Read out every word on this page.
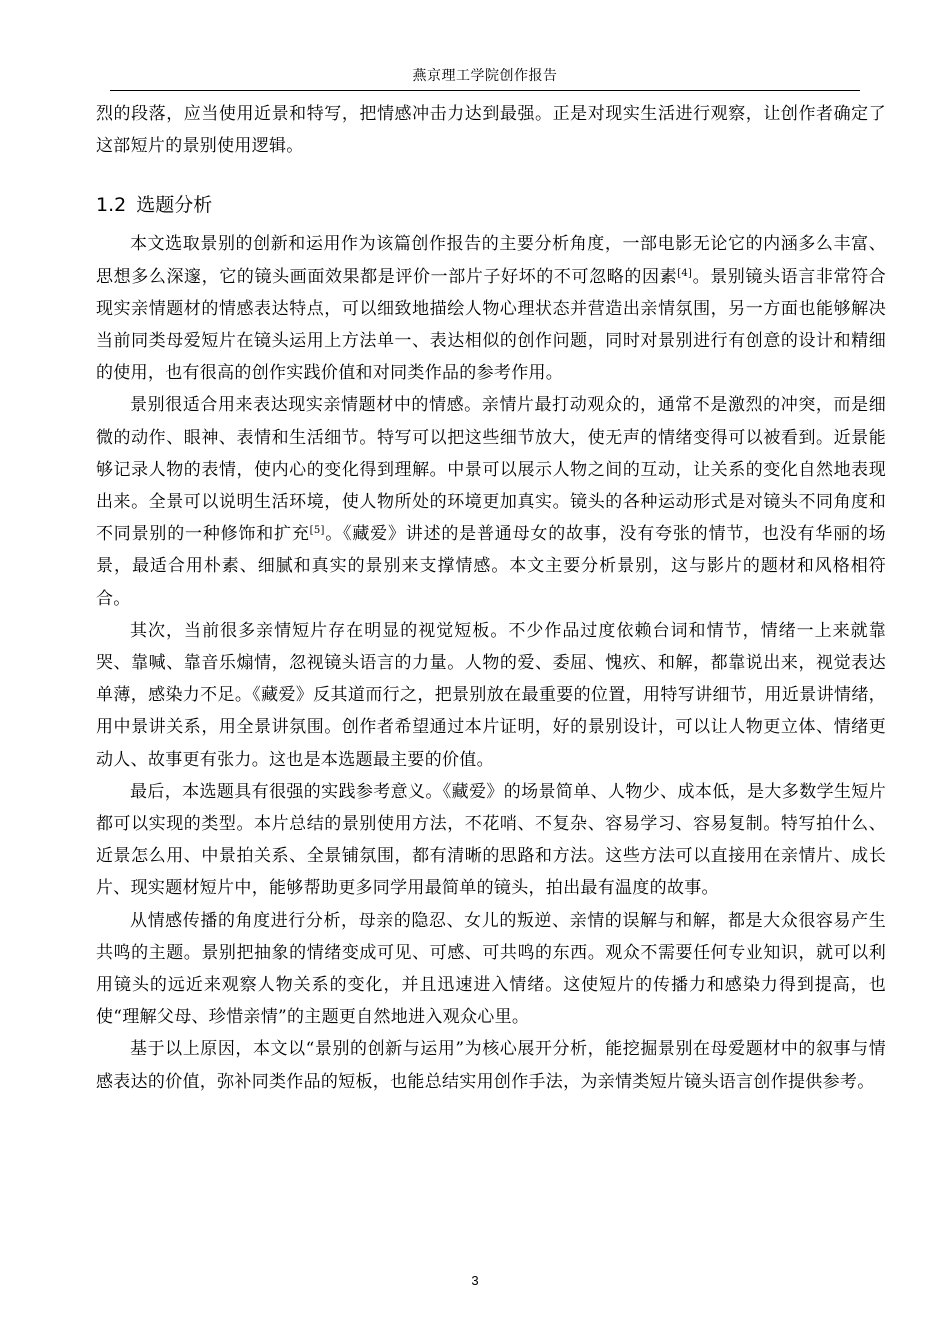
燕京理工学院创作报告

烈的段落，应当使用近景和特写，把情感冲击力达到最强。正是对现实生活进行观察，让创作者确定了这部短片的景别使用逻辑。

1.2 选题分析

本文选取景别的创新和运用作为该篇创作报告的主要分析角度，一部电影无论它的内涵多么丰富、思想多么深邃，它的镜头画面效果都是评价一部片子好坏的不可忽略的因素[4]。景别镜头语言非常符合现实亲情题材的情感表达特点，可以细致地描绘人物心理状态并营造出亲情氛围，另一方面也能够解决当前同类母爱短片在镜头运用上方法单一、表达相似的创作问题，同时对景别进行有创意的设计和精细的使用，也有很高的创作实践价值和对同类作品的参考作用。

景别很适合用来表达现实亲情题材中的情感。亲情片最打动观众的，通常不是激烈的冲突，而是细微的动作、眼神、表情和生活细节。特写可以把这些细节放大，使无声的情绪变得可以被看到。近景能够记录人物的表情，使内心的变化得到理解。中景可以展示人物之间的互动，让关系的变化自然地表现出来。全景可以说明生活环境，使人物所处的环境更加真实。镜头的各种运动形式是对镜头不同角度和不同景别的一种修饰和扩充[5]。《藏爱》讲述的是普通母女的故事，没有夸张的情节，也没有华丽的场景，最适合用朴素、细腻和真实的景别来支撑情感。本文主要分析景别，这与影片的题材和风格相符合。

其次，当前很多亲情短片存在明显的视觉短板。不少作品过度依赖台词和情节，情绪一上来就靠哭、靠喊、靠音乐煽情，忽视镜头语言的力量。人物的爱、委屈、愧疚、和解，都靠说出来，视觉表达单薄，感染力不足。《藏爱》反其道而行之，把景别放在最重要的位置，用特写讲细节，用近景讲情绪，用中景讲关系，用全景讲氛围。创作者希望通过本片证明，好的景别设计，可以让人物更立体、情绪更动人、故事更有张力。这也是本选题最主要的价值。

最后，本选题具有很强的实践参考意义。《藏爱》的场景简单、人物少、成本低，是大多数学生短片都可以实现的类型。本片总结的景别使用方法，不花哨、不复杂、容易学习、容易复制。特写拍什么、近景怎么用、中景拍关系、全景铺氛围，都有清晰的思路和方法。这些方法可以直接用在亲情片、成长片、现实题材短片中，能够帮助更多同学用最简单的镜头，拍出最有温度的故事。

从情感传播的角度进行分析，母亲的隐忍、女儿的叛逆、亲情的误解与和解，都是大众很容易产生共鸣的主题。景别把抽象的情绪变成可见、可感、可共鸣的东西。观众不需要任何专业知识，就可以利用镜头的远近来观察人物关系的变化，并且迅速进入情绪。这使短片的传播力和感染力得到提高，也使“理解父母、珍惜亲情”的主题更自然地进入观众心里。

基于以上原因，本文以“景别的创新与运用”为核心展开分析，能挖掘景别在母爱题材中的叙事与情感表达的价值，弥补同类作品的短板，也能总结实用创作手法，为亲情类短片镜头语言创作提供参考。

3
